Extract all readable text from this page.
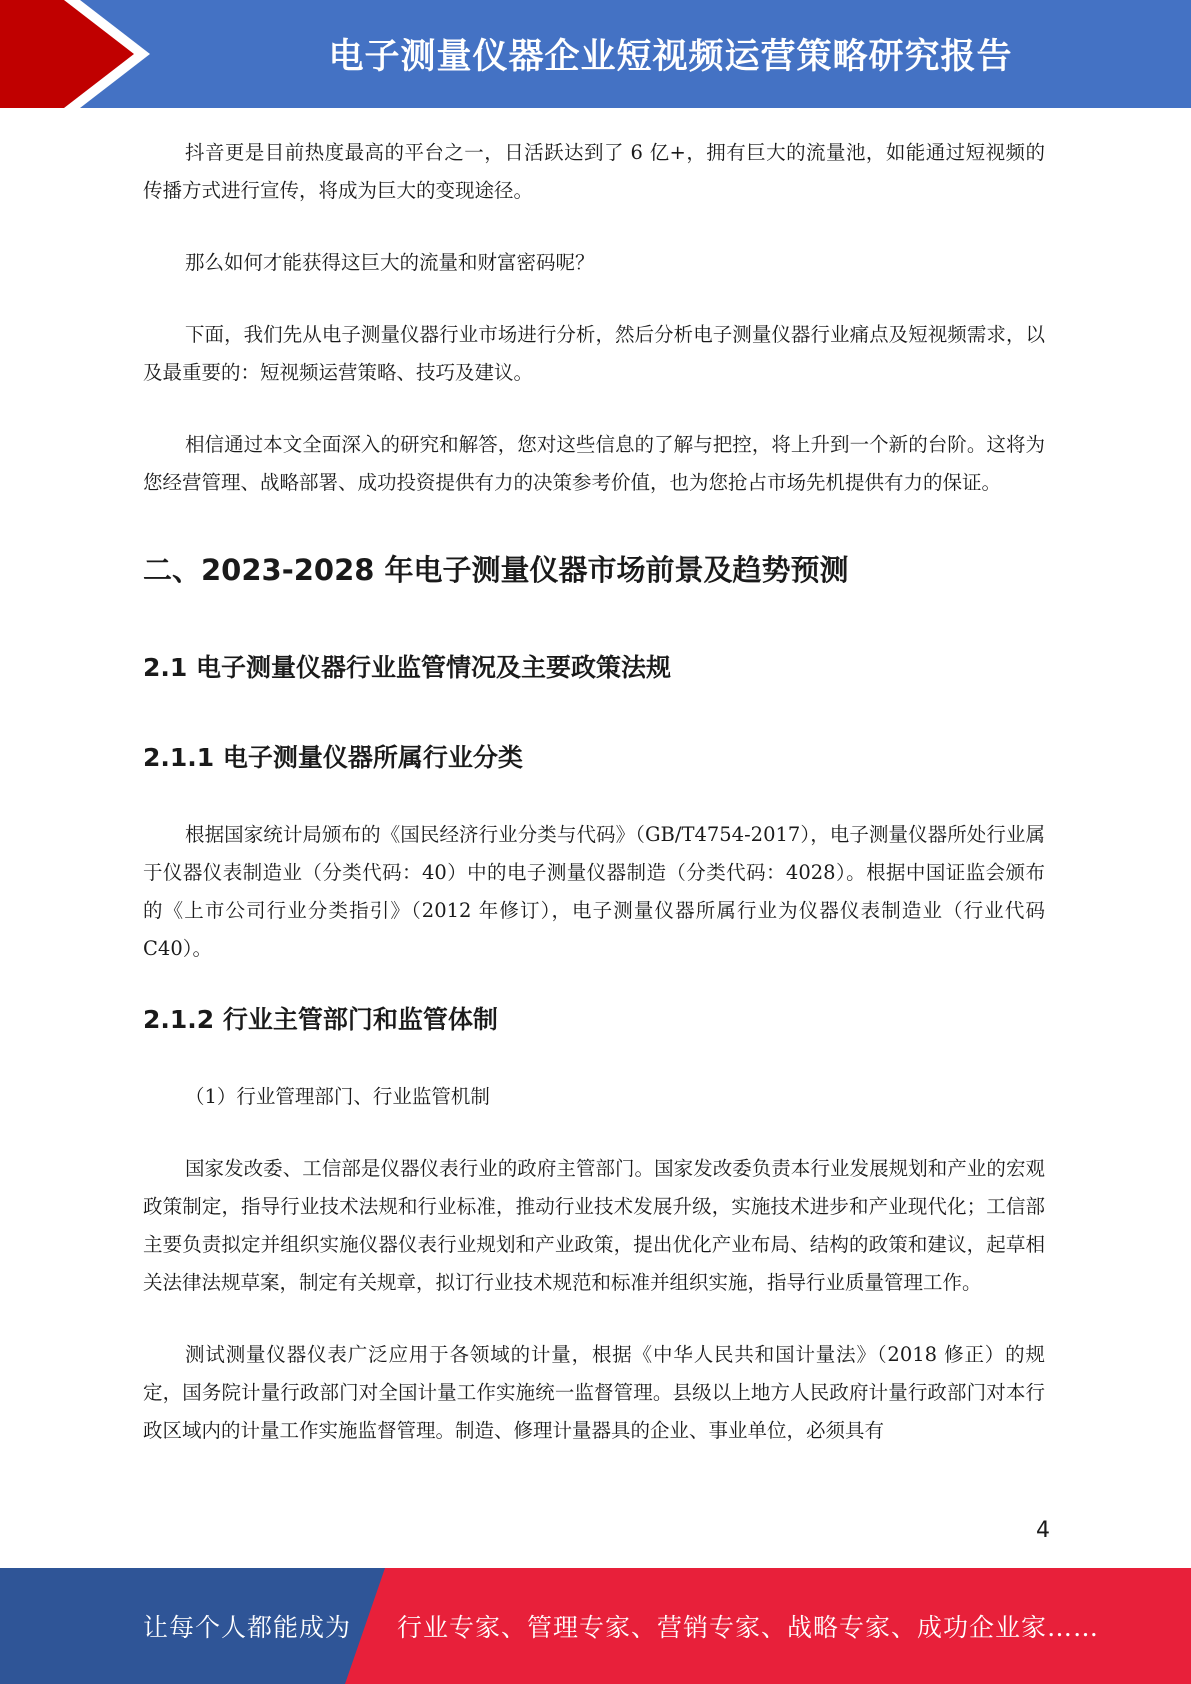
电子测量仪器企业短视频运营策略研究报告

抖音更是目前热度最高的平台之一，日活跃达到了 6 亿+，拥有巨大的流量池，如能通过短视频的传播方式进行宣传，将成为巨大的变现途径。

那么如何才能获得这巨大的流量和财富密码呢？

下面，我们先从电子测量仪器行业市场进行分析，然后分析电子测量仪器行业痛点及短视频需求，以及最重要的：短视频运营策略、技巧及建议。

相信通过本文全面深入的研究和解答，您对这些信息的了解与把控，将上升到一个新的台阶。这将为您经营管理、战略部署、成功投资提供有力的决策参考价值，也为您抢占市场先机提供有力的保证。

二、2023-2028 年电子测量仪器市场前景及趋势预测
2.1 电子测量仪器行业监管情况及主要政策法规
2.1.1 电子测量仪器所属行业分类

根据国家统计局颁布的《国民经济行业分类与代码》（GB/T4754-2017），电子测量仪器所处行业属于仪器仪表制造业（分类代码：40）中的电子测量仪器制造（分类代码：4028）。根据中国证监会颁布的《上市公司行业分类指引》（2012 年修订），电子测量仪器所属行业为仪器仪表制造业（行业代码 C40）。

2.1.2 行业主管部门和监管体制

（1）行业管理部门、行业监管机制

国家发改委、工信部是仪器仪表行业的政府主管部门。国家发改委负责本行业发展规划和产业的宏观政策制定，指导行业技术法规和行业标准，推动行业技术发展升级，实施技术进步和产业现代化；工信部主要负责拟定并组织实施仪器仪表行业规划和产业政策，提出优化产业布局、结构的政策和建议，起草相关法律法规草案，制定有关规章，拟订行业技术规范和标准并组织实施，指导行业质量管理工作。

测试测量仪器仪表广泛应用于各领域的计量，根据《中华人民共和国计量法》（2018 修正）的规定，国务院计量行政部门对全国计量工作实施统一监督管理。县级以上地方人民政府计量行政部门对本行政区域内的计量工作实施监督管理。制造、修理计量器具的企业、事业单位，必须具有

4
让每个人都能成为 行业专家、管理专家、营销专家、战略专家、成功企业家……
